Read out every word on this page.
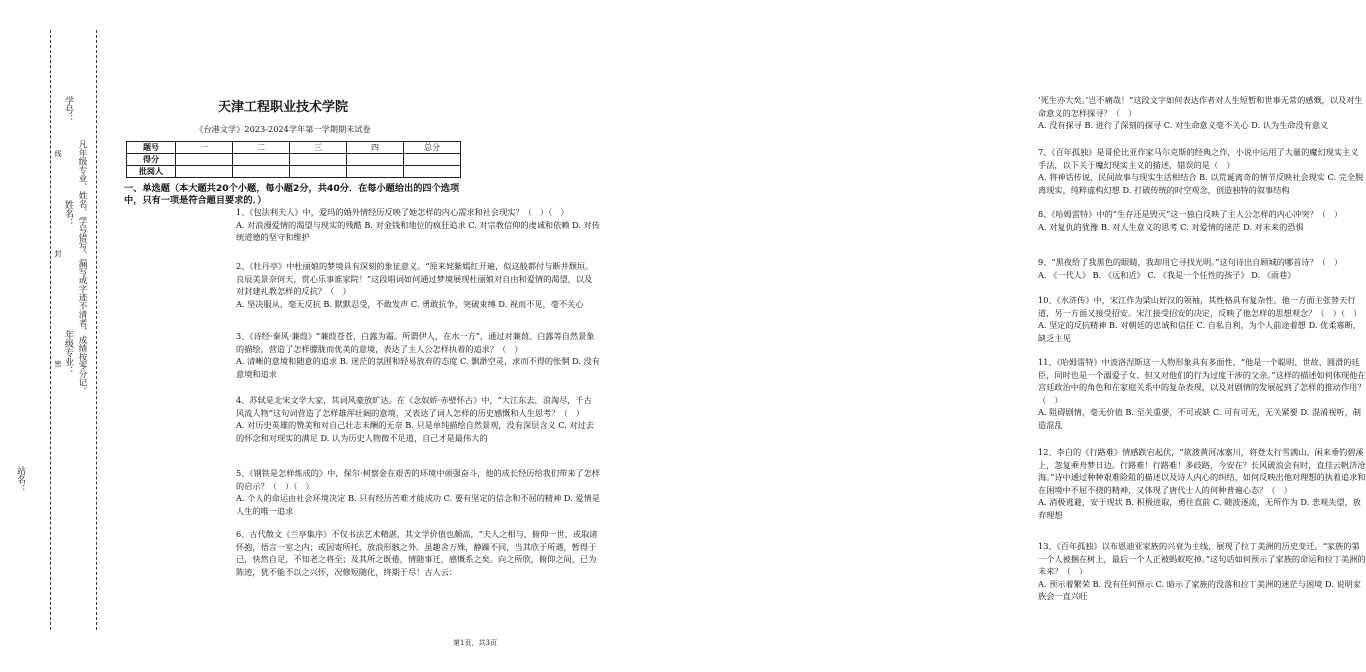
学号：
姓名：
年级专业：
站名：
凡年级专业、姓名、学号错写、漏写或字迹不清者，成绩按零分记。
线
封
密
天津工程职业技术学院
《台港文学》2023-2024学年第一学期期末试卷
题号	一	二	三	四	总分
得分					
批阅人					
一、单选题（本大题共20个小题，每小题2分，共40分．在每小题给出的四个选项中，只有一项是符合题目要求的．）

1、《包法利夫人》中，爱玛的婚外情经历反映了她怎样的内心需求和社会现实？（　）（　）

A. 对浪漫爱情的渴望与现实的残酷 B. 对金钱和地位的疯狂追求 C. 对宗教信仰的虔诚和依赖 D. 对传统道德的坚守和维护

2、《牡丹亭》中杜丽娘的梦境具有深刻的象征意义。“原来姹紫嫣红开遍，似这般都付与断井颓垣。良辰美景奈何天，赏心乐事谁家院！”这段唱词如何通过梦境展现杜丽娘对自由和爱情的渴望，以及对封建礼教怎样的反抗？（　）

A. 坚决服从，毫无反抗 B. 默默忍受，不敢发声 C. 勇敢抗争，突破束缚 D. 视而不见，毫不关心

3、《诗经·秦风·蒹葭》“蒹葭苍苍，白露为霜。所谓伊人，在水一方”，通过对蒹葭、白露等自然景象的描绘，营造了怎样朦胧而优美的意境，表达了主人公怎样执着的追求？（　）

A. 清晰的意境和随意的追求 B. 迷茫的氛围和轻易放弃的态度 C. 飘渺空灵，求而不得的怅惘 D. 没有意境和追求

4、苏轼是北宋文学大家，其词风豪放旷达。在《念奴娇·赤壁怀古》中，“大江东去，浪淘尽，千古风流人物”这句词营造了怎样雄浑壮阔的意境，又表达了词人怎样的历史感慨和人生思考？（　）

A. 对历史英雄的赞美和对自己壮志未酬的无奈 B. 只是单纯描绘自然景观，没有深层含义 C. 对过去的怀念和对现实的满足 D. 认为历史人物微不足道，自己才是最伟大的

5、《钢铁是怎样炼成的》中，保尔·柯察金在艰苦的环境中顽强奋斗，他的成长经历给我们带来了怎样的启示？（　）（　）

A. 个人的命运由社会环境决定 B. 只有经历苦难才能成功 C. 要有坚定的信念和不屈的精神 D. 爱情是人生的唯一追求

6、古代散文《兰亭集序》不仅书法艺术精湛，其文学价值也颇高，“夫人之相与，俯仰一世，或取诸怀抱，悟言一室之内；或因寄所托，放浪形骸之外。虽趣舍万殊，静躁不同，当其欣于所遇，暂得于己，快然自足，不知老之将至；及其所之既倦，情随事迁，感慨系之矣。向之所欣，俯仰之间，已为陈迹，犹不能不以之兴怀，况修短随化，终期于尽！古人云：

‘死生亦大矣。’岂不痛哉！”这段文字如何表达作者对人生短暂和世事无常的感慨，以及对生命意义的怎样探寻？（　）

A. 没有探寻 B. 进行了深刻的探寻 C. 对生命意义毫不关心 D. 认为生命没有意义

7、《百年孤独》是哥伦比亚作家马尔克斯的经典之作，小说中运用了大量的魔幻现实主义手法，以下关于魔幻现实主义的描述，错误的是（　）

A. 将神话传说、民间故事与现实生活相结合 B. 以荒诞离奇的情节反映社会现实 C. 完全脱离现实，纯粹虚构幻想 D. 打破传统的时空观念，创造独特的叙事结构

8、《哈姆雷特》中的“生存还是毁灭”这一独白反映了主人公怎样的内心冲突？（　）

A. 对复仇的犹豫 B. 对人生意义的思考 C. 对爱情的迷茫 D. 对未来的恐惧

9、“黑夜给了我黑色的眼睛，我却用它寻找光明。”这句诗出自顾城的哪首诗？（　）

A. 《一代人》 B. 《远和近》 C. 《我是一个任性的孩子》 D. 《雨巷》

10、《水浒传》中，宋江作为梁山好汉的领袖，其性格具有复杂性。他一方面主张替天行道，另一方面又接受招安。宋江接受招安的决定，反映了他怎样的思想观念？（　）（　）

A. 坚定的反抗精神 B. 对朝廷的忠诚和信任 C. 自私自利，为个人前途着想 D. 优柔寡断，缺乏主见

11、《哈姆雷特》中波洛涅斯这一人物形象具有多面性，“他是一个聪明、世故、圆滑的廷臣，同时也是一个溺爱子女、但又对他们的行为过度干涉的父亲。”这样的描述如何体现他在宫廷政治中的角色和在家庭关系中的复杂表现，以及对剧情的发展起到了怎样的推动作用？（　）

A. 阻碍剧情，毫无价值 B. 至关重要，不可或缺 C. 可有可无，无关紧要 D. 混淆视听，制造混乱

12、李白的《行路难》情感跌宕起伏，“欲渡黄河冰塞川，将登太行雪满山。闲来垂钓碧溪上，忽复乘舟梦日边。行路难！行路难！多歧路，今安在？长风破浪会有时，直挂云帆济沧海。”诗中通过种种艰难险阻的描述以及诗人内心的纠结，如何反映出他对理想的执着追求和在困境中不屈不挠的精神，又体现了唐代士人的何种普遍心态？（　）

A. 消极逃避，安于现状 B. 积极进取，勇往直前 C. 随波逐流，无所作为 D. 悲观失望，放弃理想

13、《百年孤独》以布恩迪亚家族的兴衰为主线，展现了拉丁美洲的历史变迁。“家族的第一个人被捆在树上，最后一个人正被蚂蚁吃掉。”这句话如何预示了家族的命运和拉丁美洲的未来？（　）

A. 预示着繁荣 B. 没有任何预示 C. 暗示了家族的没落和拉丁美洲的迷茫与困境 D. 说明家族会一直兴旺

第1页，共3页
